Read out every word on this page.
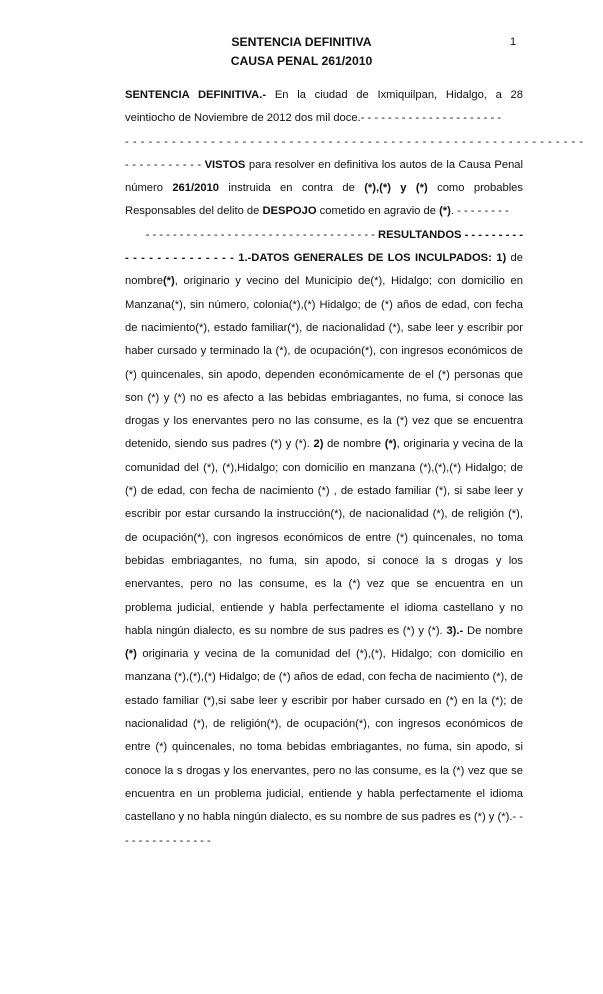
1
SENTENCIA DEFINITIVA
CAUSA PENAL 261/2010

SENTENCIA DEFINITIVA.- En la ciudad de Ixmiquilpan, Hidalgo, a 28 veintiocho de Noviembre de 2012 dos mil doce.- - - - - - - - - - - - - - - - - - - - -

- - - - - - - - - - - - - - - - - - - - - - - - - - - - - - - - - - - - - - - - - - - - - - - - - - - - - - - - - - -

- - - - - - - - - - - VISTOS para resolver en definitiva los autos de la Causa Penal número 261/2010 instruida en contra de (*),(*) y (*) como probables Responsables del delito de DESPOJO cometido en agravio de (*). - - - - - - - -

- - - - - - - - - - - - - - - - - - - - - - - - - - - - - - - - - - RESULTANDOS - - - - - - - - -

- - - - - - - - - - - - - - 1.-DATOS GENERALES DE LOS INCULPADOS: 1) de nombre(*), originario y vecino del Municipio de(*), Hidalgo; con domicilio en Manzana(*), sin número, colonia(*),(*) Hidalgo; de (*) años de edad, con fecha de nacimiento(*), estado familiar(*), de nacionalidad (*), sabe leer y escribir por haber cursado y terminado la (*), de ocupación(*), con ingresos económicos de (*) quincenales, sin apodo, dependen económicamente de el (*) personas que son (*) y (*) no es afecto a las bebidas embriagantes, no fuma, si conoce las drogas y los enervantes pero no las consume, es la (*) vez que se encuentra detenido, siendo sus padres (*) y (*). 2) de nombre (*), originaria y vecina de la comunidad del (*), (*),Hidalgo; con domicilio en manzana (*),(*),(*) Hidalgo; de (*) de edad, con fecha de nacimiento (*) , de estado familiar (*), si sabe leer y escribir por estar cursando la instrucción(*), de nacionalidad (*), de religión (*), de ocupación(*), con ingresos económicos de entre (*) quincenales, no toma bebidas embriagantes, no fuma, sin apodo, si conoce la s drogas y los enervantes, pero no las consume, es la (*) vez que se encuentra en un problema judicial, entiende y habla perfectamente el idioma castellano y no habla ningún dialecto, es su nombre de sus padres es (*) y (*). 3).- De nombre (*) originaria y vecina de la comunidad del (*),(*), Hidalgo; con domicilio en manzana (*),(*),(*) Hidalgo; de (*) años de edad, con fecha de nacimiento (*), de estado familiar (*),si sabe leer y escribir por haber cursado en (*) en la (*); de nacionalidad (*), de religión(*), de ocupación(*), con ingresos económicos de entre (*) quincenales, no toma bebidas embriagantes, no fuma, sin apodo, si conoce la s drogas y los enervantes, pero no las consume, es la (*) vez que se encuentra en un problema judicial, entiende y habla perfectamente el idioma castellano y no habla ningún dialecto, es su nombre de sus padres es (*) y (*).- - - - - - - - - - - - - - -
